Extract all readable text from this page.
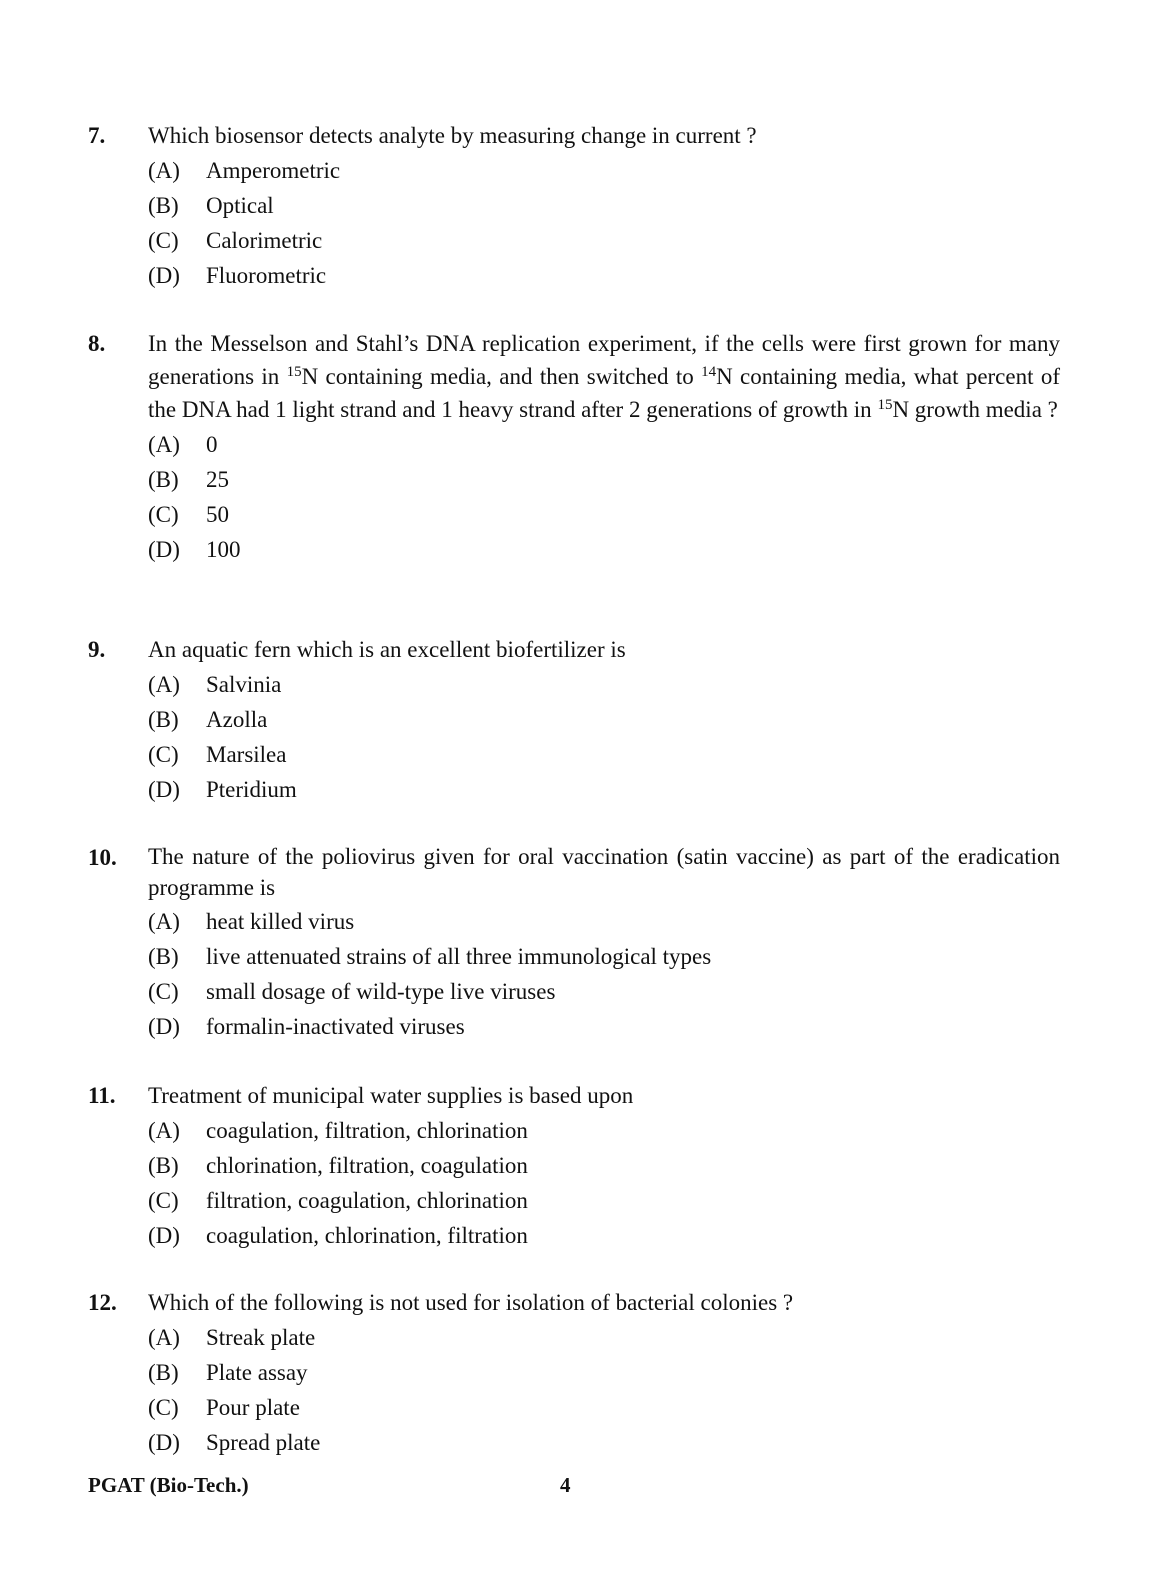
7. Which biosensor detects analyte by measuring change in current ?
(A) Amperometric
(B) Optical
(C) Calorimetric
(D) Fluorometric
8. In the Messelson and Stahl’s DNA replication experiment, if the cells were first grown for many generations in $^{15}$N containing media, and then switched to $^{14}$N containing media, what percent of the DNA had 1 light strand and 1 heavy strand after 2 generations of growth in $^{15}$N growth media ?
(A) 0
(B) 25
(C) 50
(D) 100
9. An aquatic fern which is an excellent biofertilizer is
(A) Salvinia
(B) Azolla
(C) Marsilea
(D) Pteridium
10. The nature of the poliovirus given for oral vaccination (satin vaccine) as part of the eradication programme is
(A) heat killed virus
(B) live attenuated strains of all three immunological types
(C) small dosage of wild-type live viruses
(D) formalin-inactivated viruses
11. Treatment of municipal water supplies is based upon
(A) coagulation, filtration, chlorination
(B) chlorination, filtration, coagulation
(C) filtration, coagulation, chlorination
(D) coagulation, chlorination, filtration
12. Which of the following is not used for isolation of bacterial colonies ?
(A) Streak plate
(B) Plate assay
(C) Pour plate
(D) Spread plate
PGAT (Bio-Tech.)	4
